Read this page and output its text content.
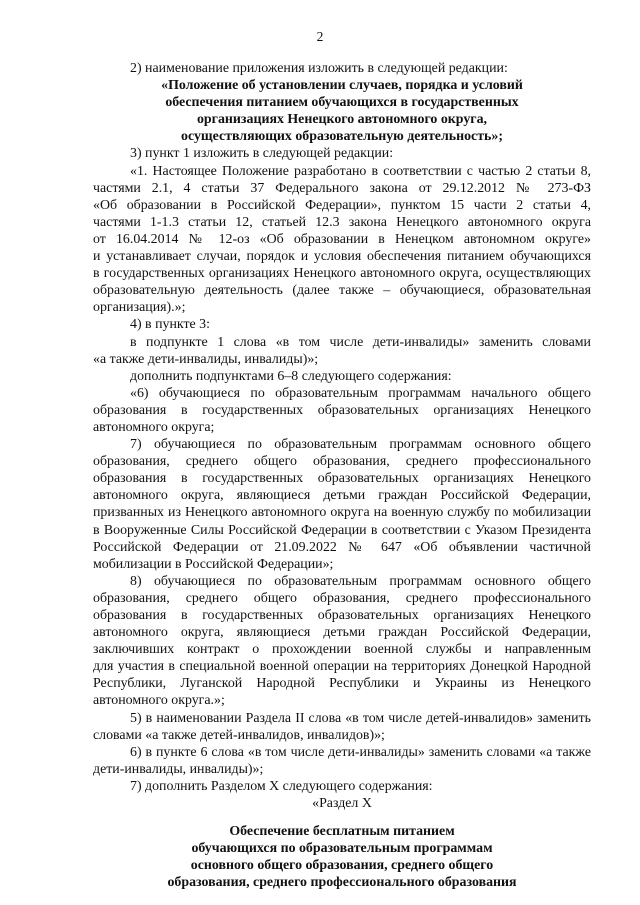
2
2) наименование приложения изложить в следующей редакции:
«Положение об установлении случаев, порядка и условий
обеспечения питанием обучающихся в государственных
организациях Ненецкого автономного округа,
осуществляющих образовательную деятельность»;
3) пункт 1 изложить в следующей редакции:
«1. Настоящее Положение разработано в соответствии с частью 2 статьи 8,
частями 2.1, 4 статьи 37 Федерального закона от 29.12.2012 № 273-ФЗ
«Об образовании в Российской Федерации», пунктом 15 части 2 статьи 4,
частями 1-1.3 статьи 12, статьей 12.3 закона Ненецкого автономного округа
от 16.04.2014 № 12-оз «Об образовании в Ненецком автономном округе»
и устанавливает случаи, порядок и условия обеспечения питанием обучающихся
в государственных организациях Ненецкого автономного округа, осуществляющих
образовательную деятельность (далее также – обучающиеся, образовательная
организация).»;
4) в пункте 3:
в подпункте 1 слова «в том числе дети-инвалиды» заменить словами
«а также дети-инвалиды, инвалиды)»;
дополнить подпунктами 6–8 следующего содержания:
«6) обучающиеся по образовательным программам начального общего
образования в государственных образовательных организациях Ненецкого
автономного округа;
7) обучающиеся по образовательным программам основного общего
образования, среднего общего образования, среднего профессионального
образования в государственных образовательных организациях Ненецкого
автономного округа, являющиеся детьми граждан Российской Федерации,
призванных из Ненецкого автономного округа на военную службу по мобилизации
в Вооруженные Силы Российской Федерации в соответствии с Указом Президента
Российской Федерации от 21.09.2022 № 647 «Об объявлении частичной
мобилизации в Российской Федерации»;
8) обучающиеся по образовательным программам основного общего
образования, среднего общего образования, среднего профессионального
образования в государственных образовательных организациях Ненецкого
автономного округа, являющиеся детьми граждан Российской Федерации,
заключивших контракт о прохождении военной службы и направленным
для участия в специальной военной операции на территориях Донецкой Народной
Республики, Луганской Народной Республики и Украины из Ненецкого
автономного округа.»;
5) в наименовании Раздела II слова «в том числе детей-инвалидов» заменить
словами «а также детей-инвалидов, инвалидов)»;
6) в пункте 6 слова «в том числе дети-инвалиды» заменить словами «а также
дети-инвалиды, инвалиды)»;
7) дополнить Разделом X следующего содержания:
«Раздел X
Обеспечение бесплатным питанием
обучающихся по образовательным программам
основного общего образования, среднего общего
образования, среднего профессионального образования
